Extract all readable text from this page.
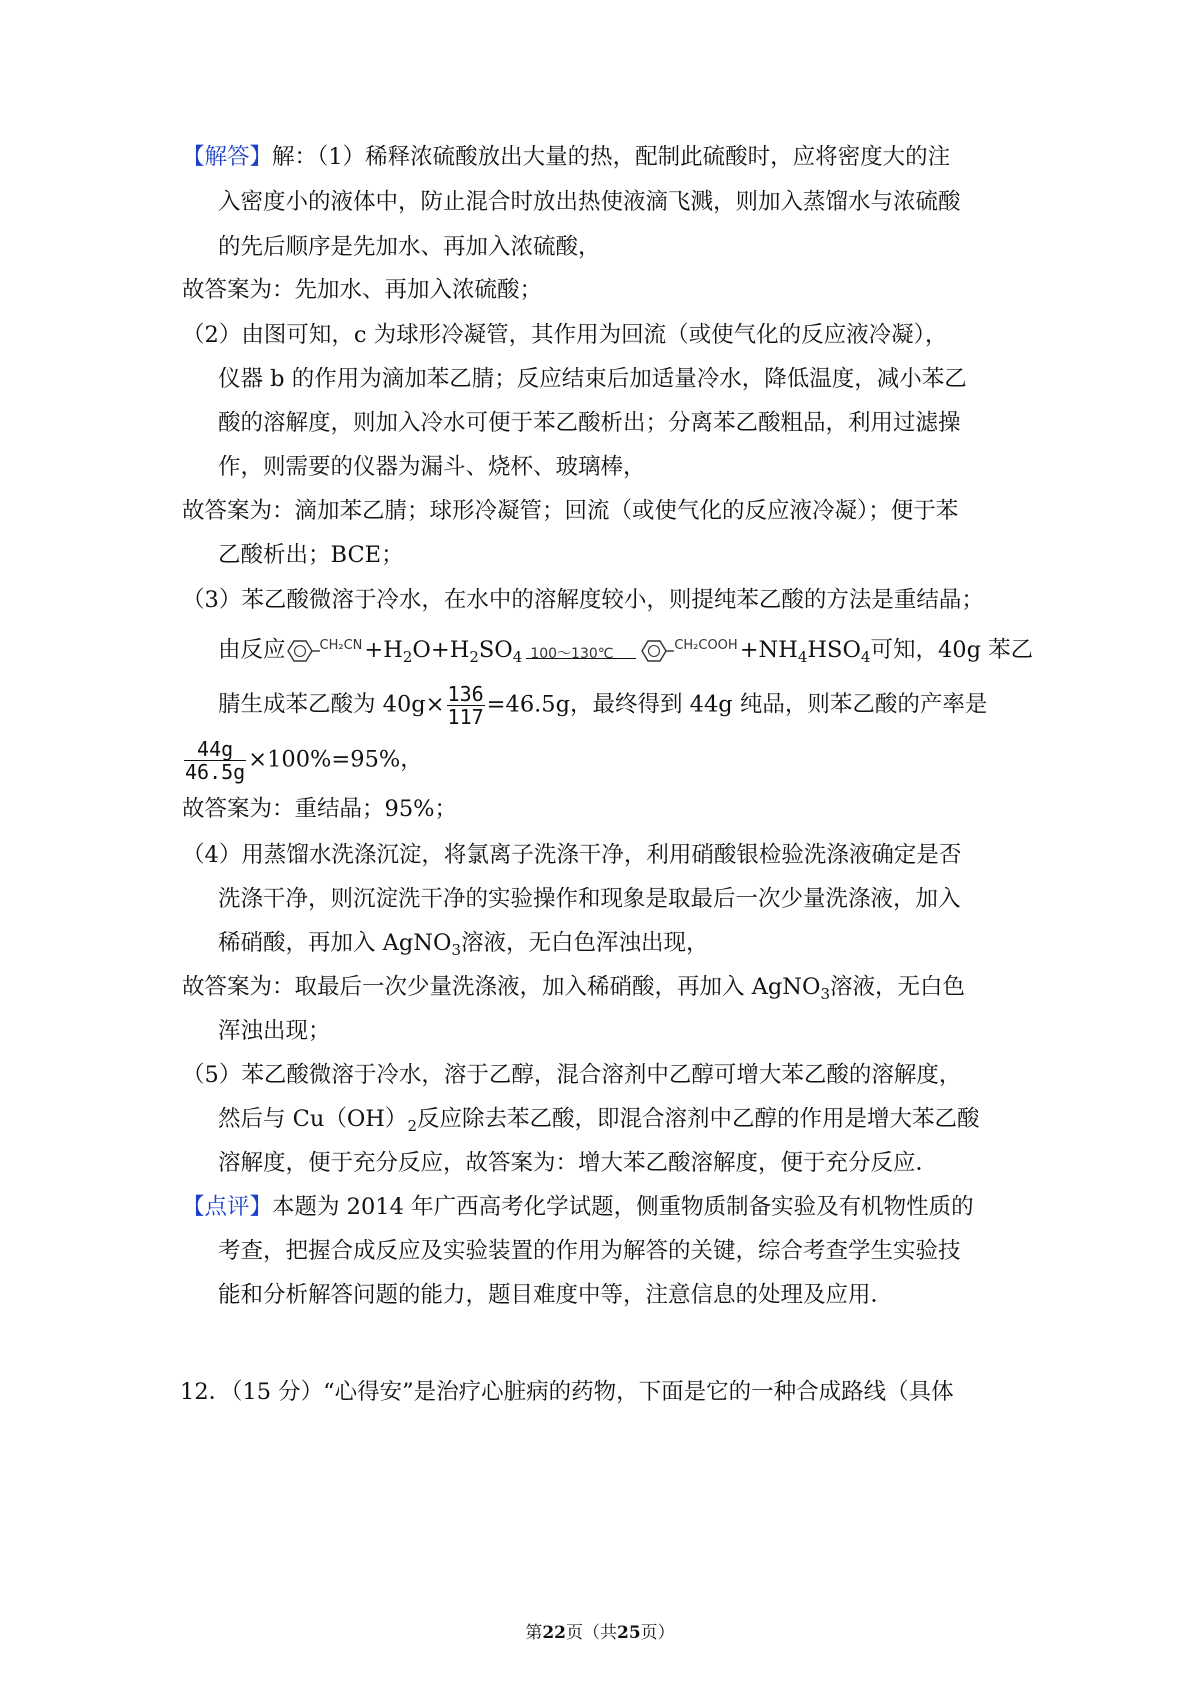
【解答】解：（1）稀释浓硫酸放出大量的热，配制此硫酸时，应将密度大的注
入密度小的液体中，防止混合时放出热使液滴飞溅，则加入蒸馏水与浓硫酸
的先后顺序是先加水、再加入浓硫酸，
故答案为：先加水、再加入浓硫酸；
（2）由图可知，c 为球形冷凝管，其作用为回流（或使气化的反应液冷凝），
仪器 b 的作用为滴加苯乙腈；反应结束后加适量冷水，降低温度，减小苯乙
酸的溶解度，则加入冷水可便于苯乙酸析出；分离苯乙酸粗品，利用过滤操
作，则需要的仪器为漏斗、烧杯、玻璃棒，
故答案为：滴加苯乙腈；球形冷凝管；回流（或使气化的反应液冷凝）；便于苯
乙酸析出；BCE；
（3）苯乙酸微溶于冷水，在水中的溶解度较小，则提纯苯乙酸的方法是重结晶；
由反应	$^{CH_2CN}+H_2O+H_2SO_4$ 100～130℃
$^{CH_2COOH}+NH_4HSO_4$可知，40g 苯乙
腈生成苯乙酸为 $40g\times \frac{136}{117} =46.5g$，最终得到 44g 纯品，则苯乙酸的产率是
$\frac{44g}{46.5g} \times 100\%=95\%$，
故答案为：重结晶；95%；
（4）用蒸馏水洗涤沉淀，将氯离子洗涤干净，利用硝酸银检验洗涤液确定是否
洗涤干净，则沉淀洗干净的实验操作和现象是取最后一次少量洗涤液，加入
稀硝酸，再加入 AgNO$_3$溶液，无白色浑浊出现，
故答案为：取最后一次少量洗涤液，加入稀硝酸，再加入 AgNO$_3$溶液，无白色
浑浊出现；
（5）苯乙酸微溶于冷水，溶于乙醇，混合溶剂中乙醇可增大苯乙酸的溶解度，
然后与 $Cu(OH)_2$反应除去苯乙酸，即混合溶剂中乙醇的作用是增大苯乙酸
溶解度，便于充分反应，故答案为：增大苯乙酸溶解度，便于充分反应．
【点评】本题为 2014 年广西高考化学试题，侧重物质制备实验及有机物性质的
考查，把握合成反应及实验装置的作用为解答的关键，综合考查学生实验技
能和分析解答问题的能力，题目难度中等，注意信息的处理及应用．
12．（15 分）“心得安”是治疗心脏病的药物，下面是它的一种合成路线（具体
第22页（共25页）
